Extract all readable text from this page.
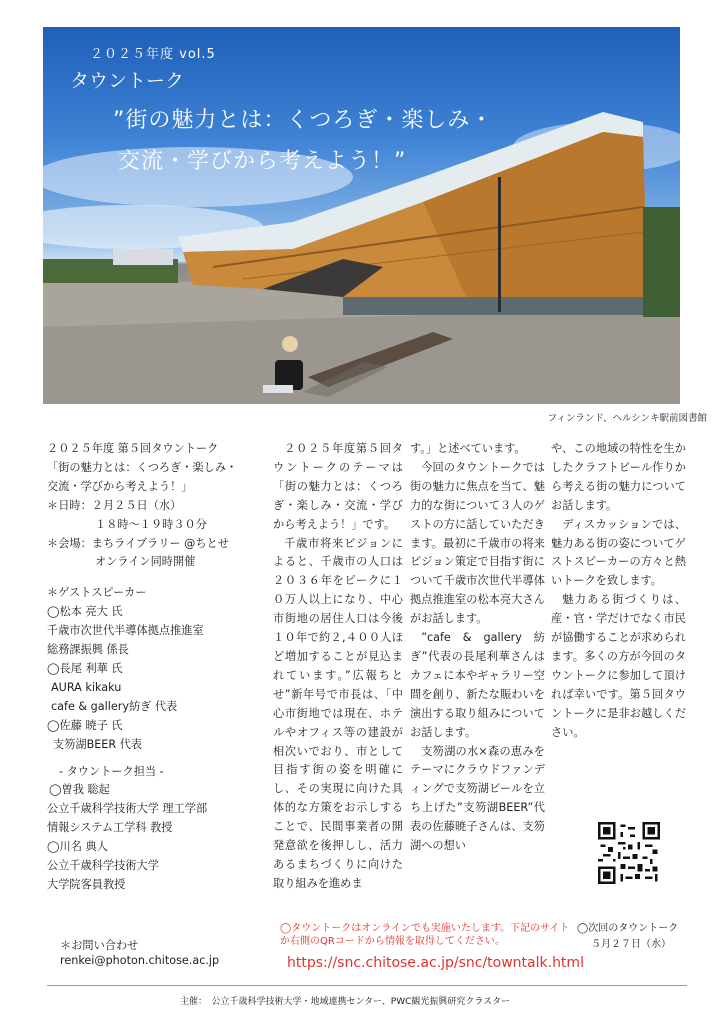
２０２５年度 vol.5
タウントーク
”街の魅力とは：くつろぎ・楽しみ・
交流・学びから考えよう！”
フィンランド、ヘルシンキ駅前図書館

２０２５年度 第５回タウントーク

「街の魅力とは：くつろぎ・楽しみ・

交流・学びから考えよう！」

＊日時：２月２５日（水）

１８時～１９時３０分

＊会場：まちライブラリー @ちとせ

オンライン同時開催

＊ゲストスピーカー

◯松本 亮大 氏

千歳市次世代半導体拠点推進室

総務課振興 係長

◯長尾 利華 氏

AURA kikaku

cafe & gallery紡ぎ 代表

◯佐藤 暁子 氏

支笏湖BEER 代表

- タウントーク担当 -

◯曽我 聡起

公立千歳科学技術大学 理工学部

情報システム工学科 教授

◯川名 典人

公立千歳科学技術大学

大学院客員教授

２０２５年度第５回タウントークのテーマは「街の魅力とは：くつろぎ・楽しみ・交流・学びから考えよう！」です。

千歳市将来ビジョンによると、千歳市の人口は２０３６年をピークに１０万人以上になり、中心市街地の居住人口は今後１０年で約２,４００人ほど増加することが見込まれています。”広報ちとせ”新年号で市長は、「中心市街地では現在、ホテルやオフィス等の建設が相次いでおり、市として目指す街の姿を明確にし、その実現に向けた具体的な方策をお示しすることで、民間事業者の開発意欲を後押しし、活力あるまちづくりに向けた取り組みを進めま

す。」と述べています。

今回のタウントークでは街の魅力に焦点を当て、魅力的な街について３人のゲストの方に話していただきます。最初に千歳市の将来ビジョン策定で目指す街について千歳市次世代半導体拠点推進室の松本亮大さんがお話します。

”cafe & gallery 紡ぎ”代表の長尾利華さんはカフェに本やギャラリー空間を創り、新たな賑わいを演出する取り組みについてお話します。

支笏湖の水×森の恵みをテーマにクラウドファンディングで支笏湖ビールを立ち上げた”支笏湖BEER”代表の佐藤暁子さんは、支笏湖への想い

や、この地域の特性を生かしたクラフトビール作りから考える街の魅力についてお話します。

ディスカッションでは、魅力ある街の姿についてゲストスピーカーの方々と熱いトークを致します。

魅力ある街づくりは、産・官・学だけでなく市民が協働することが求められます。多くの方が今回のタウントークに参加して頂ければ幸いです。第５回タウントークに是非お越しください。

◯次回のタウントーク
５月２７日（水）
◯タウントークはオンラインでも実施いたします。下記のサイトか右側のQRコードから情報を取得してください。
https://snc.chitose.ac.jp/snc/towntalk.html
＊お問い合わせ
renkei@photon.chitose.ac.jp
主催：　公立千歳科学技術大学・地域連携センター、PWC観光振興研究クラスター
